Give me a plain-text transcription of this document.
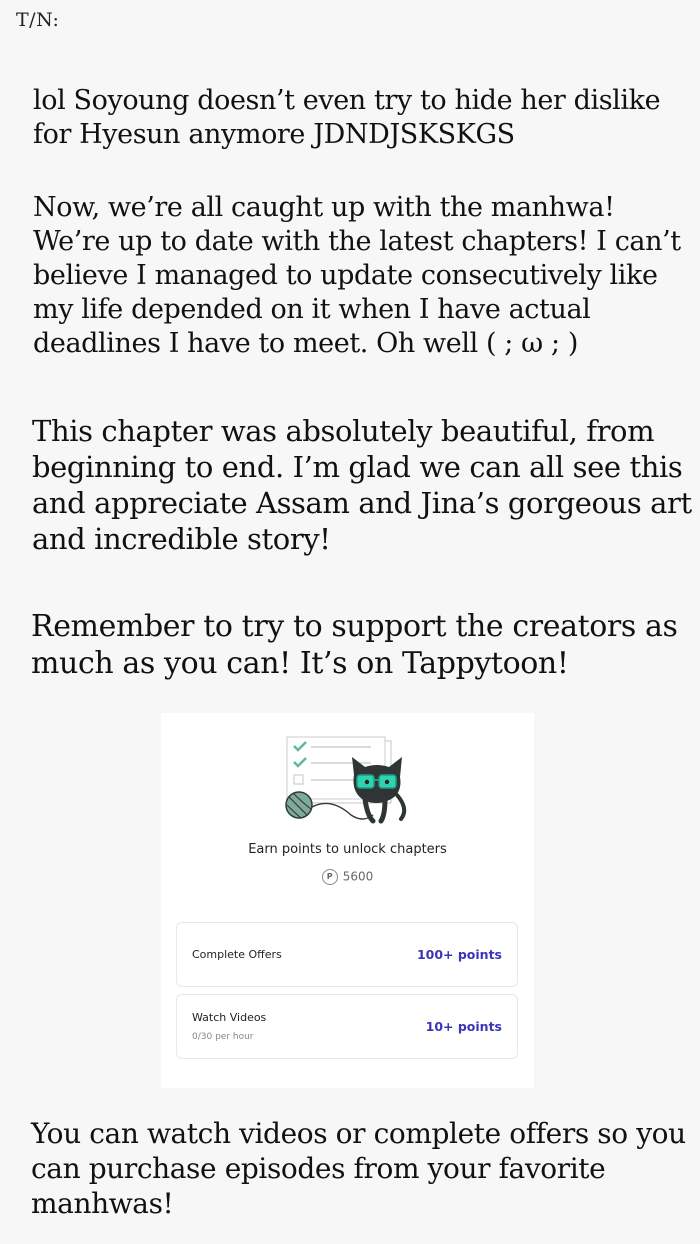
T/N:

lol Soyoung doesn’t even try to hide her dislike
for Hyesun anymore JDNDJSKSKGS

Now, we’re all caught up with the manhwa!
We’re up to date with the latest chapters! I can’t
believe I managed to update consecutively like
my life depended on it when I have actual
deadlines I have to meet. Oh well ( ; ω ; )

This chapter was absolutely beautiful, from
beginning to end. I’m glad we can all see this
and appreciate Assam and Jina’s gorgeous art
and incredible story!

Remember to try to support the creators as
much as you can! It’s on Tappytoon!

Earn points to unlock chapters
P 5600
Complete Offers	100+ points
Watch Videos
0/30 per hour
10+ points

You can watch videos or complete offers so you
can purchase episodes from your favorite
manhwas!
